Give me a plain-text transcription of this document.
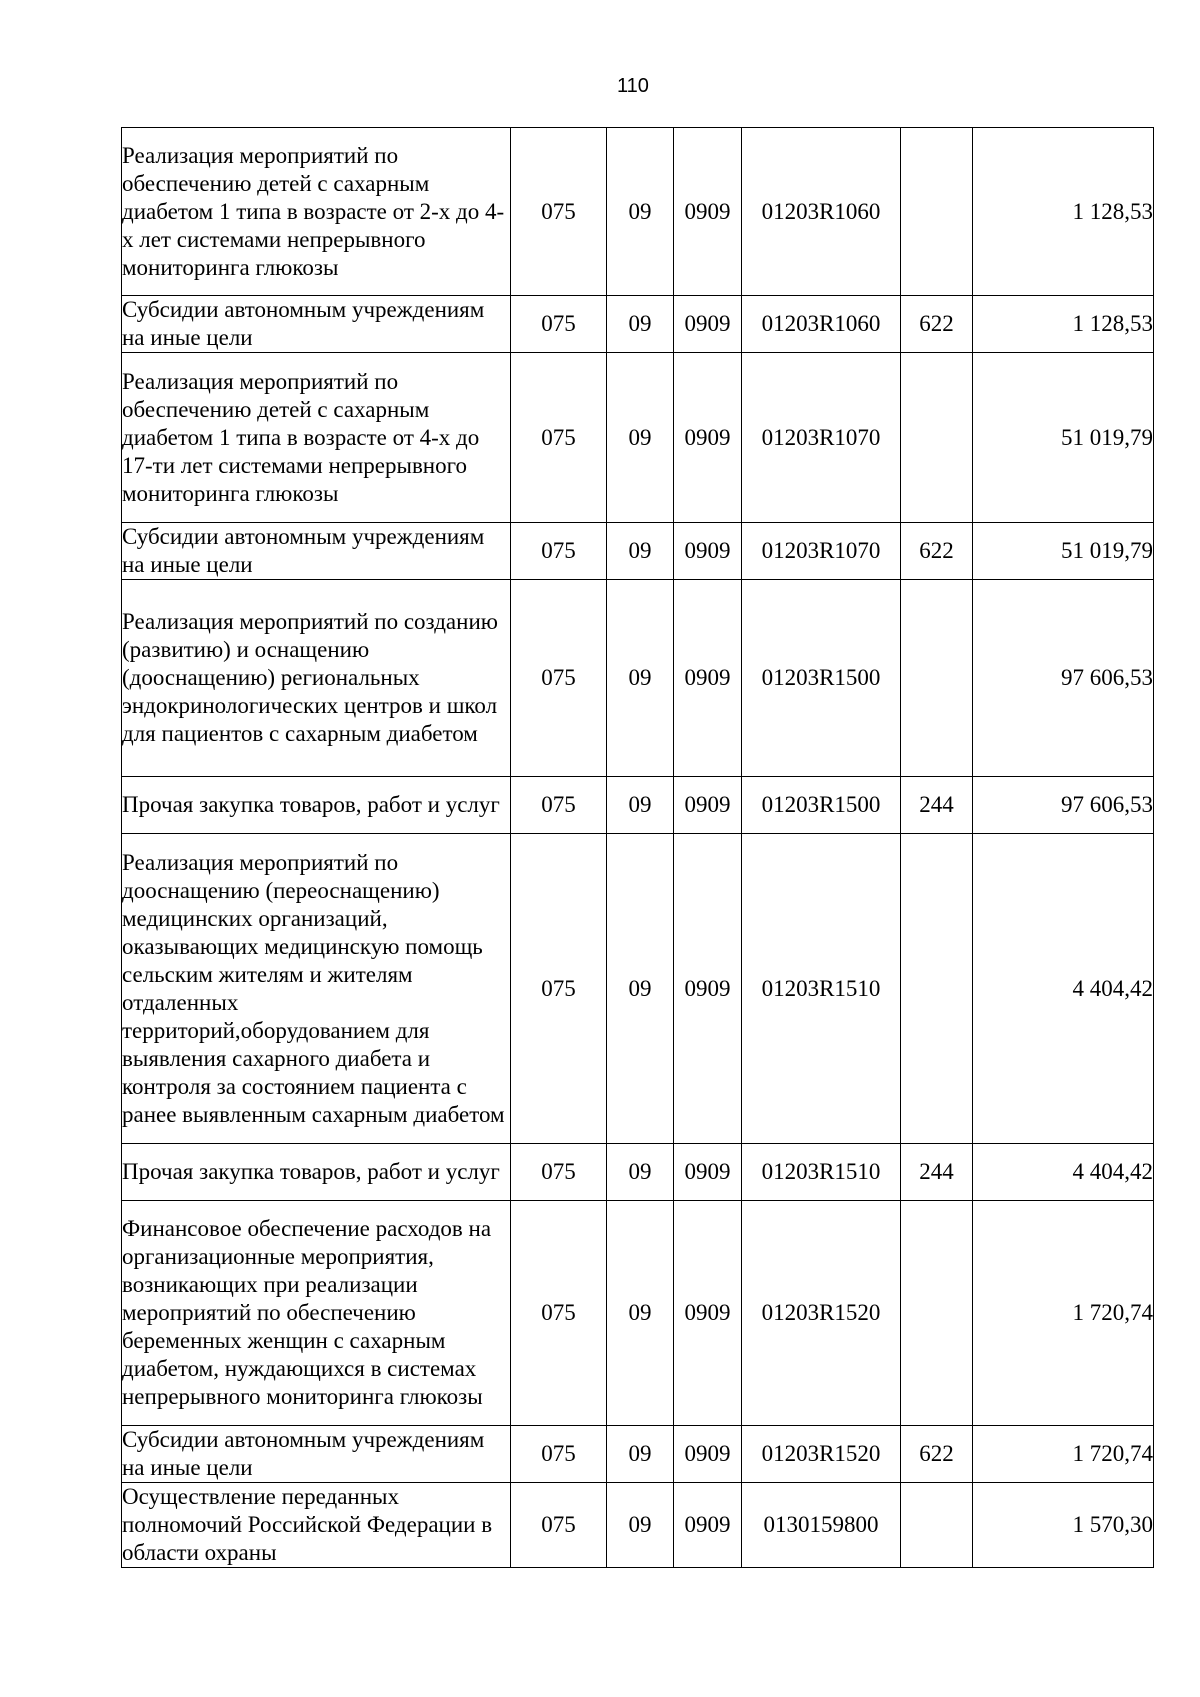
110
Реализация мероприятий по обеспечению детей с сахарным диабетом 1 типа в возрасте от 2-х до 4-х лет системами непрерывного мониторинга глюкозы	075	09	0909	01203R1060		1 128,53
Субсидии автономным учреждениям на иные цели	075	09	0909	01203R1060	622	1 128,53
Реализация мероприятий по обеспечению детей с сахарным диабетом 1 типа в возрасте от 4-х до 17-ти лет системами непрерывного мониторинга глюкозы	075	09	0909	01203R1070		51 019,79
Субсидии автономным учреждениям на иные цели	075	09	0909	01203R1070	622	51 019,79
Реализация мероприятий по созданию (развитию) и оснащению (дооснащению) региональных эндокринологических центров и школ для пациентов с сахарным диабетом	075	09	0909	01203R1500		97 606,53
Прочая закупка товаров, работ и услуг	075	09	0909	01203R1500	244	97 606,53
Реализация мероприятий по дооснащению (переоснащению) медицинских организаций, оказывающих медицинскую помощь сельским жителям и жителям отдаленных территорий,оборудованием для выявления сахарного диабета и контроля за состоянием пациента с ранее выявленным сахарным диабетом	075	09	0909	01203R1510		4 404,42
Прочая закупка товаров, работ и услуг	075	09	0909	01203R1510	244	4 404,42
Финансовое обеспечение расходов на организационные мероприятия, возникающих при реализации мероприятий по обеспечению беременных женщин с сахарным диабетом, нуждающихся в системах непрерывного мониторинга глюкозы	075	09	0909	01203R1520		1 720,74
Субсидии автономным учреждениям на иные цели	075	09	0909	01203R1520	622	1 720,74
Осуществление переданных полномочий Российской Федерации в области охраны	075	09	0909	0130159800		1 570,30
